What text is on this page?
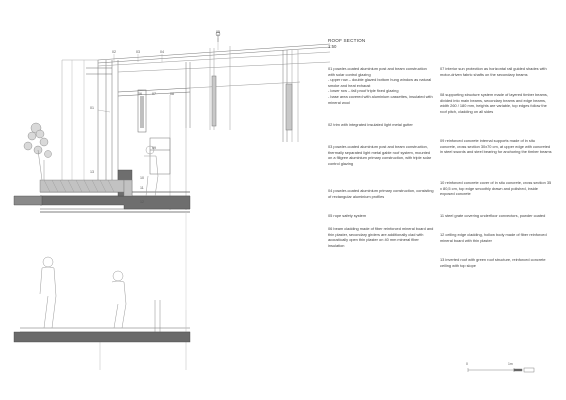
02	03	04
05
01
06	07	08
09
10
11
12
13
ROOF SECTION
1:50
01 powder-coated aluminium post and beam construction with solar control glazing
- upper row – double glazed bottom hung window as natural smoke and heat exhaust
- lower row – fall proof triple fixed glazing
- base area covered with aluminium cassettes, insulated with mineral wool
02 trim with integrated insulated light metal gutter
03 powder-coated aluminium post and beam construction, thermally separated light metal gable roof system, mounted on a filigree aluminium primary construction, with triple solar control glazing
04 powder-coated aluminium primary construction, consisting of rectangular aluminium profiles
05 rope safety system
06 beam cladding made of fiber reinforced mineral board and thin plaster, secondary girders are additionally clad with acoustically open thin plaster on 40 mm mineral fiber insulation
07 interior sun protection as horizontal rail guided shades with motor-driven fabric shafts on the secondary beams
08 supporting structure system made of layered timber beams, divided into main beams, secondary beams and edge beams, width 260 / 180 mm, heights are variable, top edges follow the roof pitch, cladding on all sides
09 reinforced concrete internal supports made of in situ concrete, cross section 30x70 cm, at upper edge with concreted in steel swords and steel bearing for anchoring the timber beams
10 reinforced concrete cover of in situ concrete, cross section 35 x 80,5 cm, top edge smoothly drawn and polished, inside exposed concrete
11 steel grate covering underfloor convectors, powder coated
12 ceiling edge cladding, hollow body made of fiber reinforced mineral board with thin plaster
13 inverted roof with green roof structure, reinforced concrete ceiling with top slope
0	1m
